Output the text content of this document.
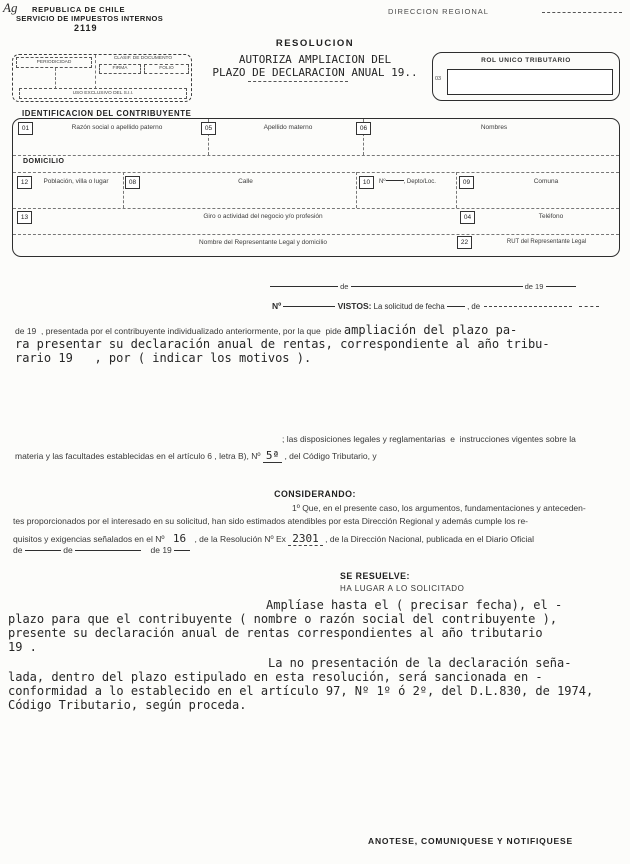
Ag REPUBLICA DE CHILE
SERVICIO DE IMPUESTOS INTERNOS
2119
DIRECCION REGIONAL
RESOLUCION
AUTORIZA AMPLIACION DEL
PLAZO DE DECLARACION ANUAL 19..
PERIODICIDAD
CLASIF. DE DOCUMENTO
FIRMA	FOLIO
USO EXCLUSIVO DEL S.I.I.
ROL UNICO TRIBUTARIO
03
IDENTIFICACION DEL CONTRIBUYENTE
01	Razón social o apellido paterno	05	Apellido materno	06	Nombres
DOMICILIO
12	Población, villa o lugar	08	Calle	10	Nº	, Depto/Loc.	09	Comuna
13	Giro o actividad del negocio y/o profesión	04	Teléfono
Nombre del Representante Legal y domicilio	22	RUT del Representante Legal
de	de 19
Nº	VISTOS: La solicitud de fecha	, de
de 19  , presentada por el contribuyente individualizado anteriormente, por la que  pide ampliación del plazo pa-
ra presentar su declaración anual de rentas, correspondiente al año tribu-
rario 19   , por ( indicar los motivos ).
; las disposiciones legales y reglamentarias  e  instrucciones vigentes sobre la
materia y las facultades establecidas en el artículo 6 , letra B), Nº 5ª , del Código Tributario, y
CONSIDERANDO:
1º Que, en el presente caso, los argumentos, fundamentaciones y anteceden-
tes proporcionados por el interesado en su solicitud, han sido estimados atendibles por esta Dirección Regional y además cumple los re-
quisitos y exigencias señalados en el Nº 16 , de la Resolución Nº Ex 2301 , de la Dirección Nacional, publicada en el Diario Oficial
de	de	de 19
SE RESUELVE:
HA LUGAR A LO SOLICITADO
Amplíase hasta el ( precisar fecha), el -
plazo para que el contribuyente ( nombre o razón social del contribuyente ),
presente su declaración anual de rentas correspondientes al año tributario
19 .
La no presentación de la declaración seña-
lada, dentro del plazo estipulado en esta resolución, será sancionada en -
conformidad a lo establecido en el artículo 97, Nº 1º ó 2º, del D.L.830, de 1974,
Código Tributario, según proceda.
ANOTESE, COMUNIQUESE Y NOTIFIQUESE
